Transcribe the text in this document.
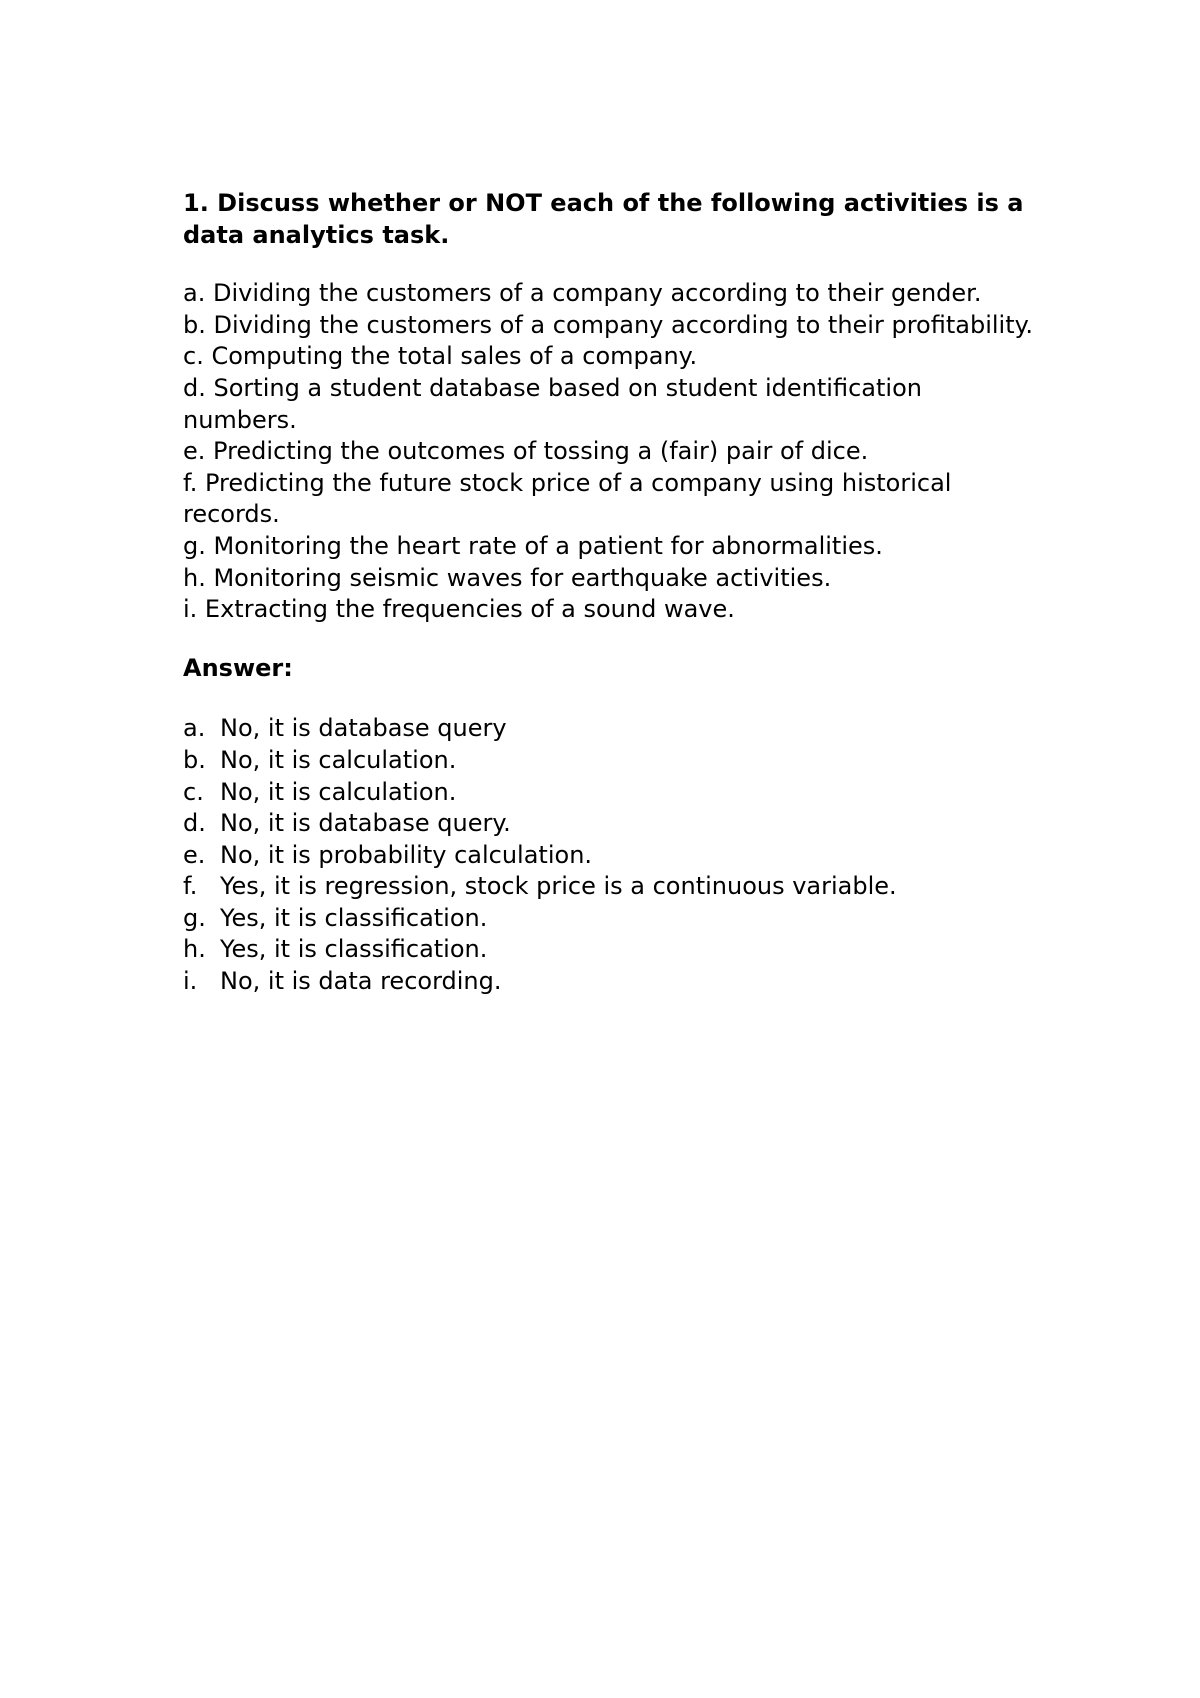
1. Discuss whether or NOT each of the following activities is a data analytics task.

a. Dividing the customers of a company according to their gender.
b. Dividing the customers of a company according to their profitability.
c. Computing the total sales of a company.
d. Sorting a student database based on student identification numbers.
e. Predicting the outcomes of tossing a (fair) pair of dice.
f. Predicting the future stock price of a company using historical records.
g. Monitoring the heart rate of a patient for abnormalities.
h. Monitoring seismic waves for earthquake activities.
i. Extracting the frequencies of a sound wave.

Answer:

a. No, it is database query
b. No, it is calculation.
c. No, it is calculation.
d. No, it is database query.
e. No, it is probability calculation.
f. Yes, it is regression, stock price is a continuous variable.
g. Yes, it is classification.
h. Yes, it is classification.
i. No, it is data recording.
